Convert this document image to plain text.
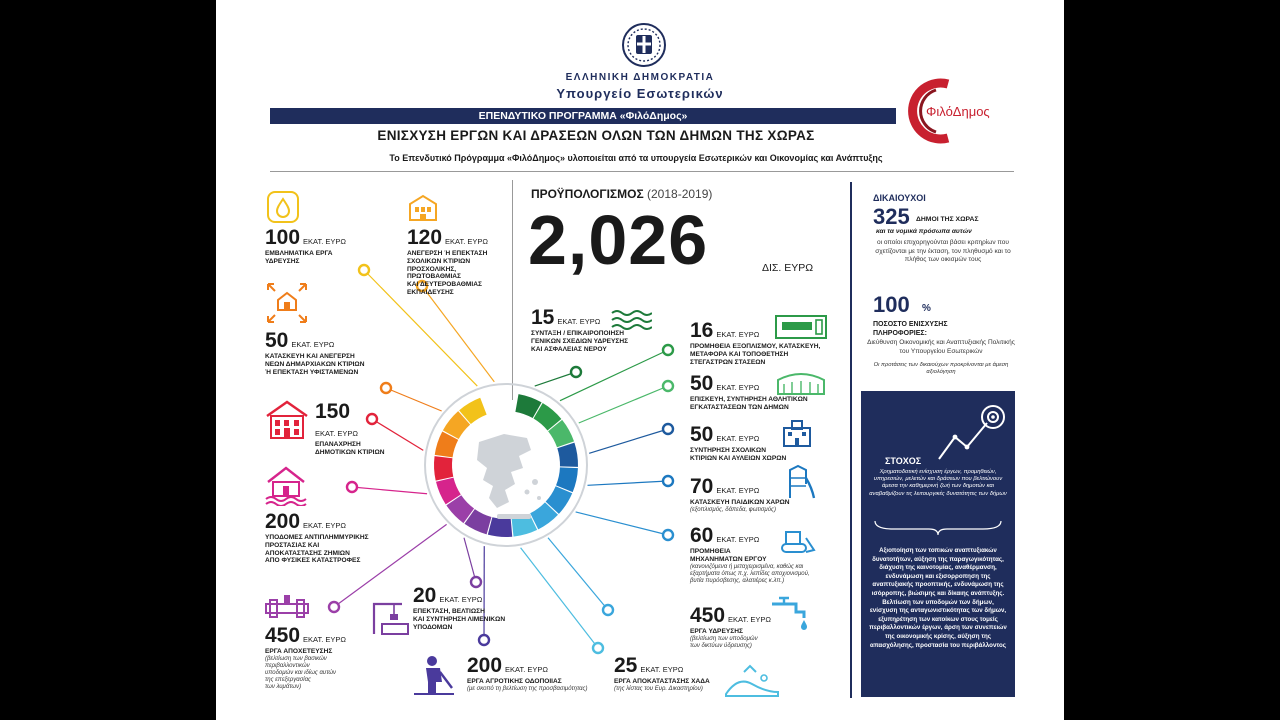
ΕΛΛΗΝΙΚΗ ΔΗΜΟΚΡΑΤΙΑ
Υπουργείο Εσωτερικών
ΕΠΕΝΔΥΤΙΚΟ ΠΡΟΓΡΑΜΜΑ «ΦιλόΔημος»	ΦιλόΔημος
ΕΝΙΣΧΥΣΗ ΕΡΓΩΝ ΚΑΙ ΔΡΑΣΕΩΝ ΟΛΩΝ ΤΩΝ ΔΗΜΩΝ ΤΗΣ ΧΩΡΑΣ
Το Επενδυτικό Πρόγραμμα «ΦιλόΔημος» υλοποιείται από τα υπουργεία Εσωτερικών και Οικονομίας και Ανάπτυξης
ΠΡΟΫΠΟΛΟΓΙΣΜΟΣ (2018-2019)
2,026	ΔΙΣ. ΕΥΡΩ
100 ΕΚΑΤ. ΕΥΡΩ
ΕΜΒΛΗΜΑΤΙΚΑ ΕΡΓΑ
ΥΔΡΕΥΣΗΣ
120 ΕΚΑΤ. ΕΥΡΩ
ΑΝΕΓΕΡΣΗ Ή ΕΠΕΚΤΑΣΗ
ΣΧΟΛΙΚΩΝ ΚΤΙΡΙΩΝ
ΠΡΟΣΧΟΛΙΚΗΣ,
ΠΡΩΤΟΒΑΘΜΙΑΣ
ΚΑΙ ΔΕΥΤΕΡΟΒΑΘΜΙΑΣ
ΕΚΠΑΙΔΕΥΣΗΣ
50 ΕΚΑΤ. ΕΥΡΩ
ΚΑΤΑΣΚΕΥΗ ΚΑΙ ΑΝΕΓΕΡΣΗ
ΝΕΩΝ ΔΗΜΑΡΧΙΑΚΩΝ ΚΤΙΡΙΩΝ
Ή ΕΠΕΚΤΑΣΗ ΥΦΙΣΤΑΜΕΝΩΝ
150
ΕΚΑΤ. ΕΥΡΩ
ΕΠΑΝΑΧΡΗΣΗ
ΔΗΜΟΤΙΚΩΝ ΚΤΙΡΙΩΝ
200 ΕΚΑΤ. ΕΥΡΩ
ΥΠΟΔΟΜΕΣ ΑΝΤΙΠΛΗΜΜΥΡΙΚΗΣ
ΠΡΟΣΤΑΣΙΑΣ ΚΑΙ
ΑΠΟΚΑΤΑΣΤΑΣΗΣ ΖΗΜΙΩΝ
ΑΠΟ ΦΥΣΙΚΕΣ ΚΑΤΑΣΤΡΟΦΕΣ
450 ΕΚΑΤ. ΕΥΡΩ
ΕΡΓΑ ΑΠΟΧΕΤΕΥΣΗΣ
(βελτίωση των βασικών
περιβαλλοντικών
υποδομών και ιδίως αυτών
της επεξεργασίας
των λυμάτων)
20 ΕΚΑΤ. ΕΥΡΩ
ΕΠΕΚΤΑΣΗ, ΒΕΛΤΙΩΣΗ
ΚΑΙ ΣΥΝΤΗΡΗΣΗ ΛΙΜΕΝΙΚΩΝ
ΥΠΟΔΟΜΩΝ
200 ΕΚΑΤ. ΕΥΡΩ
ΕΡΓΑ ΑΓΡΟΤΙΚΗΣ ΟΔΟΠΟΙΙΑΣ
(με σκοπό τη βελτίωση της προσβασιμότητας)
15 ΕΚΑΤ. ΕΥΡΩ
ΣΥΝΤΑΞΗ / ΕΠΙΚΑΙΡΟΠΟΙΗΣΗ
ΓΕΝΙΚΩΝ ΣΧΕΔΙΩΝ ΥΔΡΕΥΣΗΣ
ΚΑΙ ΑΣΦΑΛΕΙΑΣ ΝΕΡΟΥ
16 ΕΚΑΤ. ΕΥΡΩ
ΠΡΟΜΗΘΕΙΑ ΕΞΟΠΛΙΣΜΟΥ, ΚΑΤΑΣΚΕΥΗ,
ΜΕΤΑΦΟΡΑ ΚΑΙ ΤΟΠΟΘΕΤΗΣΗ
ΣΤΕΓΑΣΤΡΩΝ ΣΤΑΣΕΩΝ
50 ΕΚΑΤ. ΕΥΡΩ
ΕΠΙΣΚΕΥΗ, ΣΥΝΤΗΡΗΣΗ ΑΘΛΗΤΙΚΩΝ
ΕΓΚΑΤΑΣΤΑΣΕΩΝ ΤΩΝ ΔΗΜΩΝ
50 ΕΚΑΤ. ΕΥΡΩ
ΣΥΝΤΗΡΗΣΗ ΣΧΟΛΙΚΩΝ
ΚΤΙΡΙΩΝ ΚΑΙ ΑΥΛΕΙΩΝ ΧΩΡΩΝ
70 ΕΚΑΤ. ΕΥΡΩ
ΚΑΤΑΣΚΕΥΗ ΠΑΙΔΙΚΩΝ ΧΑΡΩΝ
(εξοπλισμός, δάπεδα, φωτισμός)
60 ΕΚΑΤ. ΕΥΡΩ
ΠΡΟΜΗΘΕΙΑ
ΜΗΧΑΝΗΜΑΤΩΝ ΕΡΓΟΥ
(κανονιζόμενα ή μεταχειρισμένα, καθώς και
εξαρτήματα όπως π.χ. λεπίδες αποχιονισμού,
βυτία πυρόσβεσης, αλατιέρες κ.λπ.)
450 ΕΚΑΤ. ΕΥΡΩ
ΕΡΓΑ ΥΔΡΕΥΣΗΣ
(βελτίωση των υποδομών
των δικτύων ύδρευσης)
25 ΕΚΑΤ. ΕΥΡΩ
ΕΡΓΑ ΑΠΟΚΑΤΑΣΤΑΣΗΣ ΧΑΔΑ
(της λίστας του Ευρ. Δικαστηρίου)
ΔΙΚΑΙΟΥΧΟΙ
325 ΔΗΜΟΙ ΤΗΣ ΧΩΡΑΣ
και τα νομικά πρόσωπα αυτών
οι οποίοι επιχορηγούνται βάσει κριτηρίων που σχετίζονται με την έκταση, τον πληθυσμό και το πλήθος των οικισμών τους
100 %
ΠΟΣΟΣΤΟ ΕΝΙΣΧΥΣΗΣ
ΠΛΗΡΟΦΟΡΙΕΣ:
Διεύθυνση Οικονομικής και Αναπτυξιακής Πολιτικής του Υπουργείου Εσωτερικών
Οι προτάσεις των δικαιούχων προκρίνονται με άμεση αξιολόγηση
ΣΤΟΧΟΣ
Χρηματοδοτική ενίσχυση έργων, προμηθειών, υπηρεσιών, μελετών και δράσεων που βελτιώνουν άμεσα την καθημερινή ζωή των δημοτών και αναβαθμίζουν τις λειτουργικές δυνατότητες των δήμων
Αξιοποίηση των τοπικών αναπτυξιακών δυνατοτήτων, αύξηση της παραγωγικότητας, διάχυση της καινοτομίας, αναθέρμανση, ενδυνάμωση και εξισορροπηση της αναπτυξιακής προοπτικής, ενδυνάμωση της ισόρροπης, βιώσιμης και δίκαιης ανάπτυξης. Βελτίωση των υποδομών των δήμων, ενίσχυση της ανταγωνιστικότητας των δήμων, εξυπηρέτηση των κατοίκων στους τομείς περιβαλλοντικών έργων, άρση των συνεπειών της οικονομικής κρίσης, αύξηση της απασχόλησης, προστασία του περιβάλλοντος
